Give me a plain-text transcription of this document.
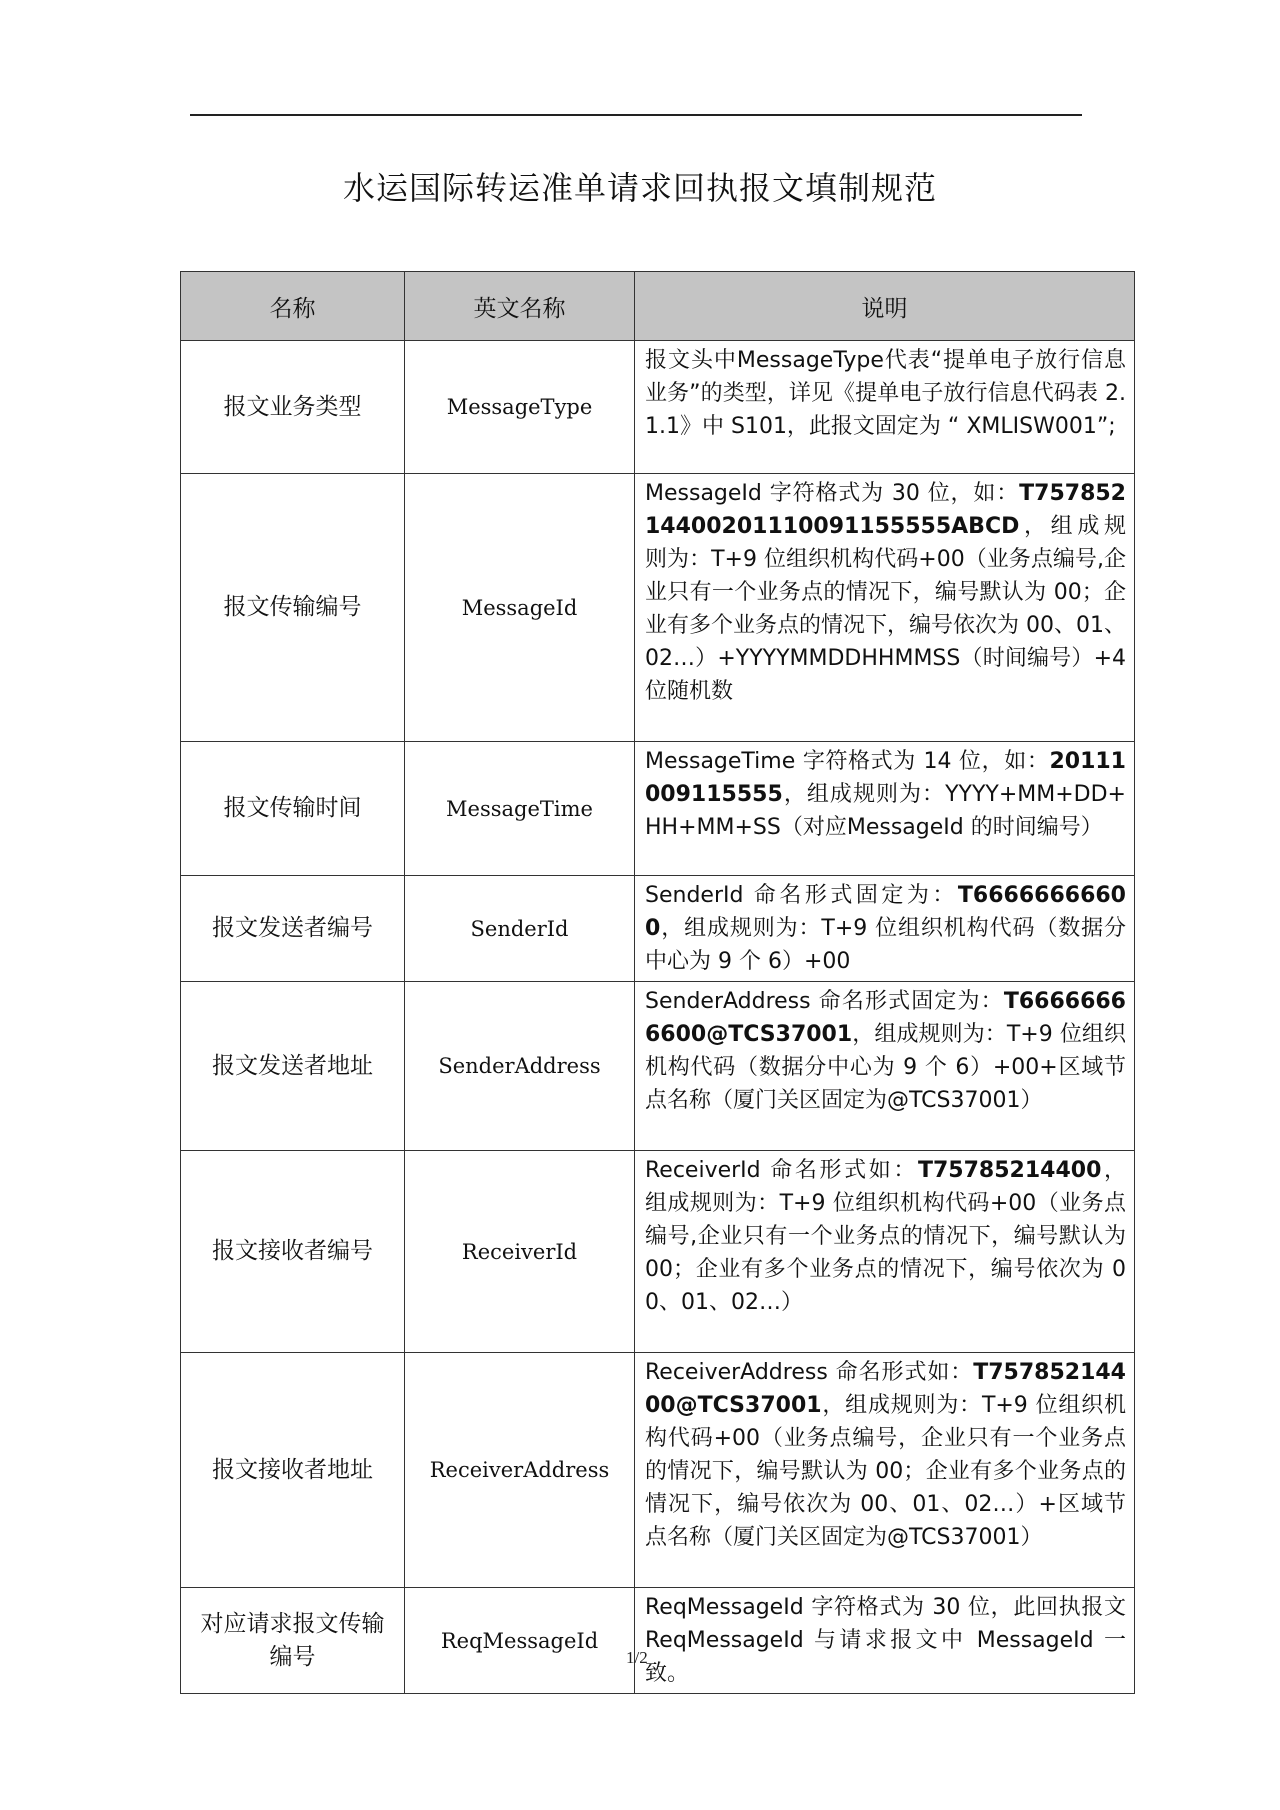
水运国际转运准单请求回执报文填制规范
名称	英文名称	说明
报文业务类型	MessageType	报文头中MessageType代表“提单电子放行信息业务”的类型，详见《提单电子放行信息代码表 2.1.1》中 S101，此报文固定为 “ XMLISW001”;
报文传输编号	MessageId	MessageId 字符格式为 30 位，如：T75785214400201110091155555ABCD，组成规则为：T+9 位组织机构代码+00（业务点编号,企业只有一个业务点的情况下，编号默认为 00；企业有多个业务点的情况下，编号依次为 00、01、02…）+YYYYMMDDHHMMSS（时间编号）+4 位随机数
报文传输时间	MessageTime	MessageTime 字符格式为 14 位，如：20111009115555，组成规则为：YYYY+MM+DD+HH+MM+SS（对应MessageId 的时间编号）
报文发送者编号	SenderId	SenderId 命名形式固定为：T66666666600，组成规则为：T+9 位组织机构代码（数据分中心为 9 个 6）+00
报文发送者地址	SenderAddress	SenderAddress 命名形式固定为：T66666666600@TCS37001，组成规则为：T+9 位组织机构代码（数据分中心为 9 个 6）+00+区域节点名称（厦门关区固定为@TCS37001）
报文接收者编号	ReceiverId	ReceiverId 命名形式如：T75785214400，组成规则为：T+9 位组织机构代码+00（业务点编号,企业只有一个业务点的情况下，编号默认为 00；企业有多个业务点的情况下，编号依次为 00、01、02…）
报文接收者地址	ReceiverAddress	ReceiverAddress 命名形式如：T75785214400@TCS37001，组成规则为：T+9 位组织机构代码+00（业务点编号，企业只有一个业务点的情况下，编号默认为 00；企业有多个业务点的情况下，编号依次为 00、01、02…）+区域节点名称（厦门关区固定为@TCS37001）
对应请求报文传输编号	ReqMessageId	ReqMessageId 字符格式为 30 位，此回执报文 ReqMessageId 与请求报文中 MessageId 一致。
1/2
